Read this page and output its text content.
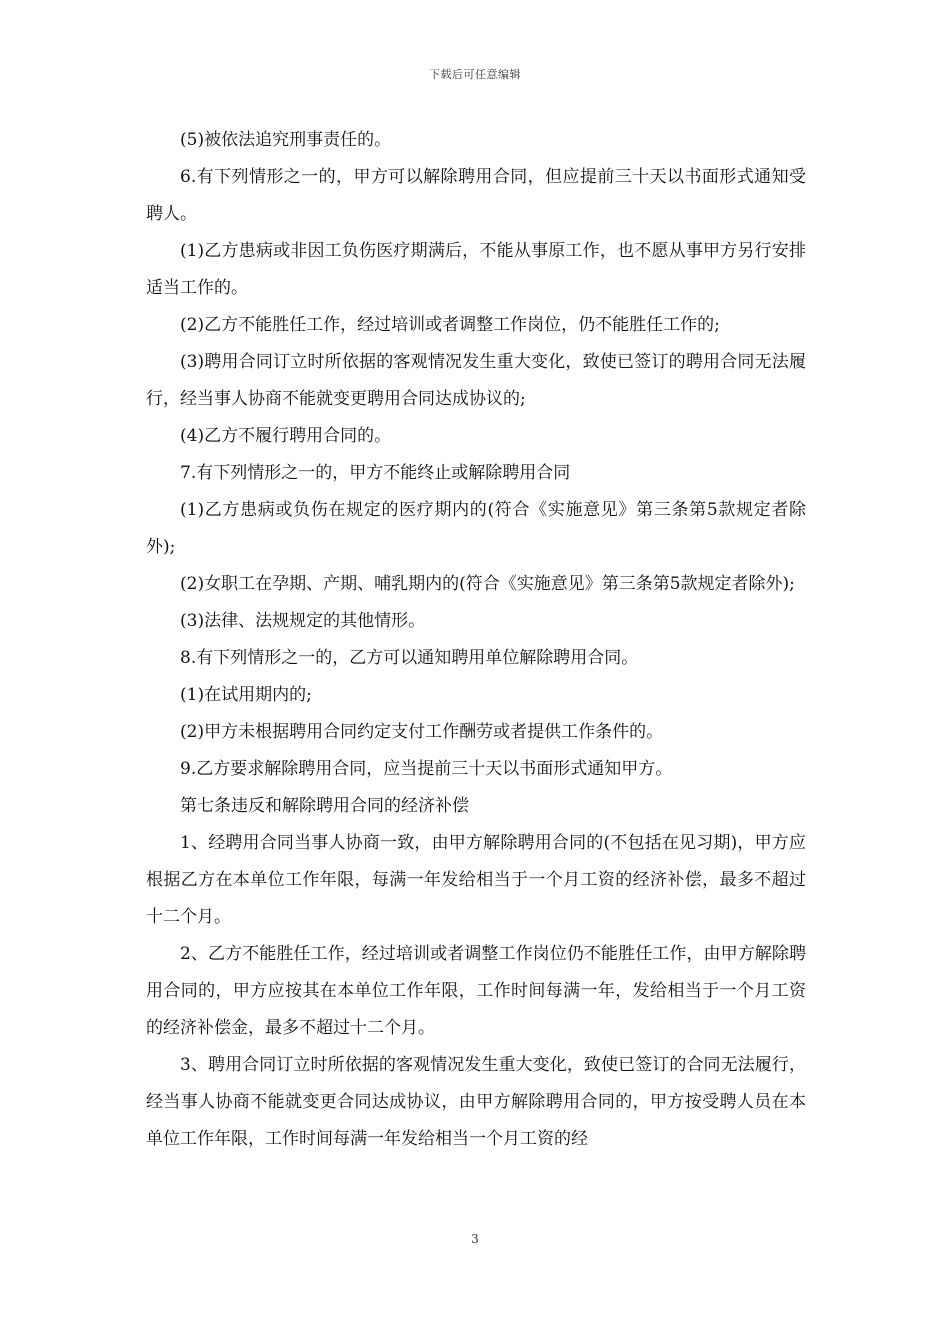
下载后可任意编辑

(5)被依法追究刑事责任的。

6.有下列情形之一的，甲方可以解除聘用合同，但应提前三十天以书面形式通知受聘人。

(1)乙方患病或非因工负伤医疗期满后，不能从事原工作，也不愿从事甲方另行安排适当工作的。

(2)乙方不能胜任工作，经过培训或者调整工作岗位，仍不能胜任工作的;

(3)聘用合同订立时所依据的客观情况发生重大变化，致使已签订的聘用合同无法履行，经当事人协商不能就变更聘用合同达成协议的;

(4)乙方不履行聘用合同的。

7.有下列情形之一的，甲方不能终止或解除聘用合同

(1)乙方患病或负伤在规定的医疗期内的(符合《实施意见》第三条第5款规定者除外);

(2)女职工在孕期、产期、哺乳期内的(符合《实施意见》第三条第5款规定者除外);

(3)法律、法规规定的其他情形。

8.有下列情形之一的，乙方可以通知聘用单位解除聘用合同。

(1)在试用期内的;

(2)甲方未根据聘用合同约定支付工作酬劳或者提供工作条件的。

9.乙方要求解除聘用合同，应当提前三十天以书面形式通知甲方。

第七条违反和解除聘用合同的经济补偿

1、经聘用合同当事人协商一致，由甲方解除聘用合同的(不包括在见习期)，甲方应根据乙方在本单位工作年限，每满一年发给相当于一个月工资的经济补偿，最多不超过十二个月。

2、乙方不能胜任工作，经过培训或者调整工作岗位仍不能胜任工作，由甲方解除聘用合同的，甲方应按其在本单位工作年限，工作时间每满一年，发给相当于一个月工资的经济补偿金，最多不超过十二个月。

3、聘用合同订立时所依据的客观情况发生重大变化，致使已签订的合同无法履行，经当事人协商不能就变更合同达成协议，由甲方解除聘用合同的，甲方按受聘人员在本单位工作年限，工作时间每满一年发给相当一个月工资的经

3
